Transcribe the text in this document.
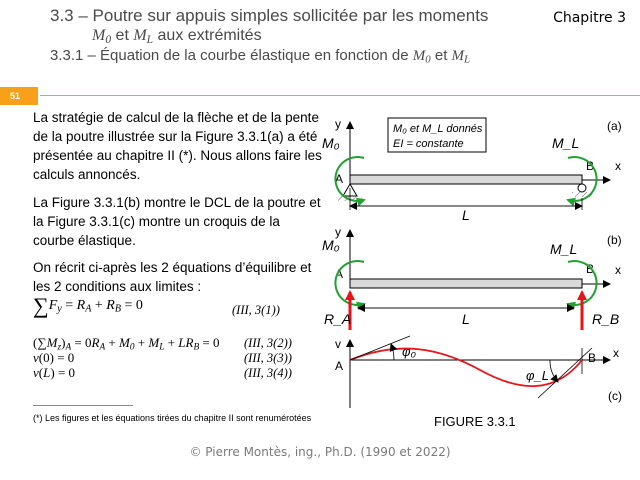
3.3 – Poutre sur appuis simples sollicitée par les moments
$M_0$ et $M_L$ aux extrémités
3.3.1 – Équation de la courbe élastique en fonction de $M_0$ et $M_L$
Chapitre 3
51
La stratégie de calcul de la flèche et de la pente de la poutre illustrée sur la Figure 3.3.1(a) a été présentée au chapitre II (*). Nous allons faire les calculs annoncés.
La Figure 3.3.1(b) montre le DCL de la poutre et la Figure 3.3.1(c) montre un croquis de la courbe élastique.
On récrit ci-après les 2 équations d’équilibre et les 2 conditions aux limites :
$\sum F_y = R_A + R_B = 0$	(III, 3(1))
$(\sum M_z)_A = 0R_A + M_0 + M_L + LR_B = 0$ (III, 3(2))
v(0) = 0	(III, 3(3))
v(L) = 0	(III, 3(4))
(*) Les figures et les équations tirées du chapitre II sont renumérotées
y
x
A
B
M₀	M_L
M₀ et M_L donnés
EI = constante
L
(a)
y
x
A	B
M₀	M_L
R_A	R_B
L
(b)
v
x
A
B
φ₀
φ_L
(c)
FIGURE 3.3.1
© Pierre Montès, ing., Ph.D. (1990 et 2022)
